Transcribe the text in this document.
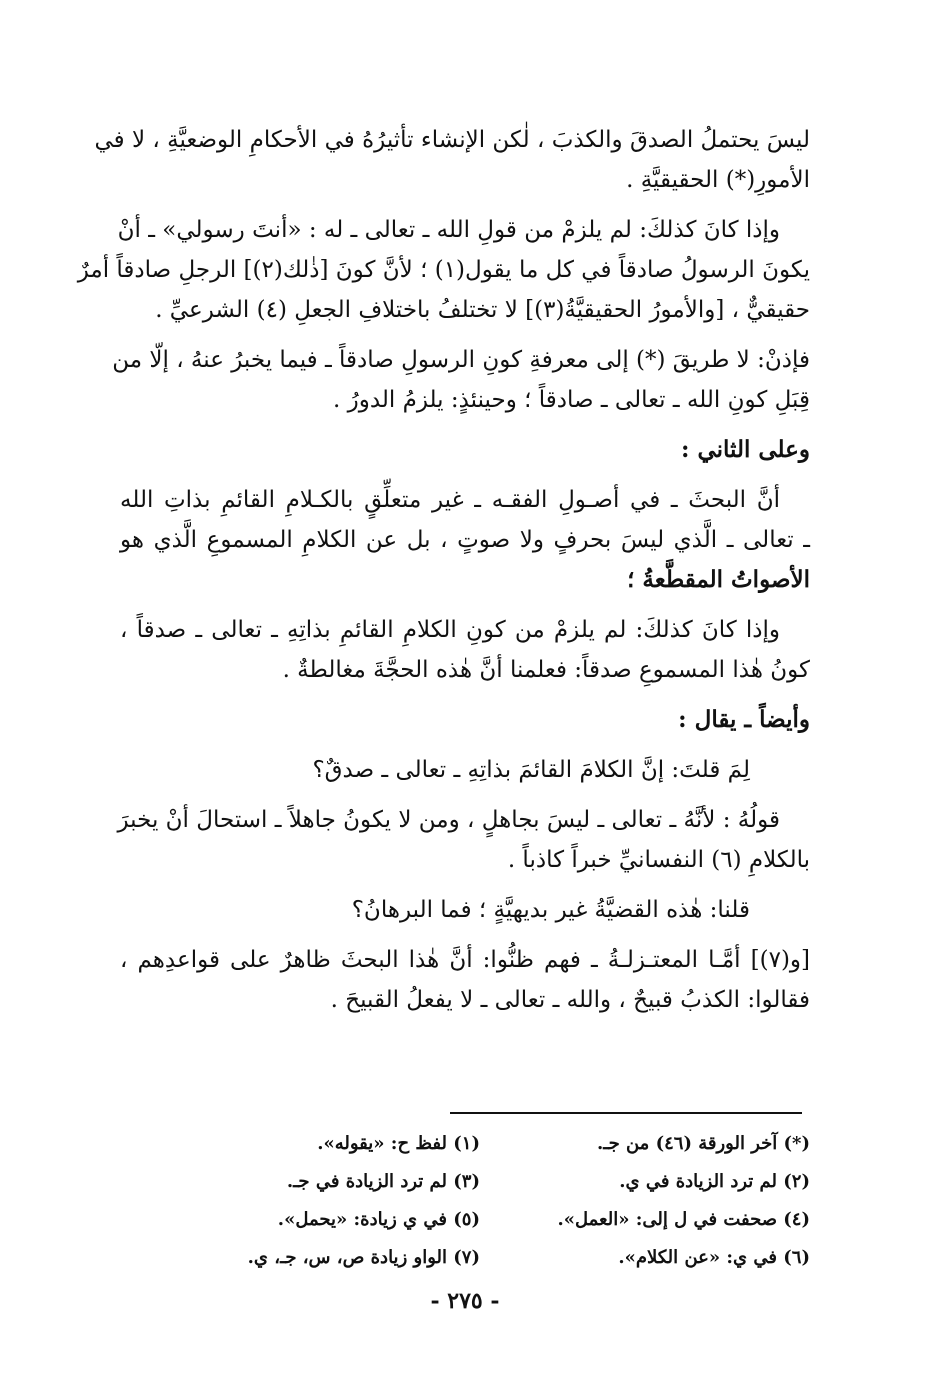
لیسَ یحتملُ الصدقَ والكذبَ ، لٰكن الإنشاء تأثيرُهُ في الأحكامِ الوضعيَّةِ ، لا في
الأمورِ(*) الحقيقيَّةِ .
وإذا كانَ كذلكَ: لم يلزمْ من قولِ الله ـ تعالى ـ له : «أنتَ رسولي» ـ أنْ
يكونَ الرسولُ صادقاً في كل ما يقول(١) ؛ لأنَّ كونَ [ذٰلك(٢)] الرجلِ صادقاً أمرٌ
حقيقيٌّ ، [والأمورُ الحقيقيَّةُ(٣)] لا تختلفُ باختلافِ الجعلِ (٤) الشرعيِّ .
فإذنْ: لا طريقَ (*) إلى معرفةِ كونِ الرسولِ صادقاً ـ فيما يخبرُ عنهُ ، إلّا من
قِبَلِ كونِ الله ـ تعالى ـ صادقاً ؛ وحينئذٍ: يلزمُ الدورُ .
وعلى الثاني :
أنَّ البحثَ ـ في أصـولِ الفقـه ـ غير متعلِّقٍ بالكـلامِ القائمِ بذاتِ الله
ـ تعالى ـ الَّذي ليسَ بحرفٍ ولا صوتٍ ، بل عن الكلامِ المسموعِ الَّذي هو
الأصواتُ المقطَّعةُ ؛
وإذا كانَ كذلكَ: لم يلزمْ من كونِ الكلامِ القائمِ بذاتِهِ ـ تعالى ـ صدقاً ،
كونُ هٰذا المسموعِ صدقاً: فعلمنا أنَّ هٰذه الحجَّةَ مغالطةٌ .
وأيضاً ـ يقال :
لِمَ قلتَ: إنَّ الكلامَ القائمَ بذاتِهِ ـ تعالى ـ صدقٌ؟
قولُهُ : لأنَّهُ ـ تعالى ـ ليسَ بجاهلٍ ، ومن لا يكونُ جاهلاً ـ استحالَ أنْ يخبرَ
بالكلامِ (٦) النفسانيِّ خبراً كاذباً .
قلنا: هٰذه القضيَّةُ غير بديهيَّةٍ ؛ فما البرهانُ؟
[و(٧)] أمَّـا المعتـزلـةُ ـ فهم ظنُّوا: أنَّ هٰذا البحثَ ظاهرٌ على قواعدِهم ،
فقالوا: الكذبُ قبيحٌ ، والله ـ تعالى ـ لا يفعلُ القبيحَ .
(*) آخر الورقة (٤٦) من جـ.
(١) لفظ ح: «يقوله».
(٢) لم ترد الزيادة في ي.
(٣) لم ترد الزيادة في جـ.
(٤) صحفت في ل إلى: «العمل».
(٥) في ي زيادة: «يحمل».
(٦) في ي: «عن الكلام».
(٧) الواو زيادة ص، س، جـ، ي.
- ٢٧٥ -
